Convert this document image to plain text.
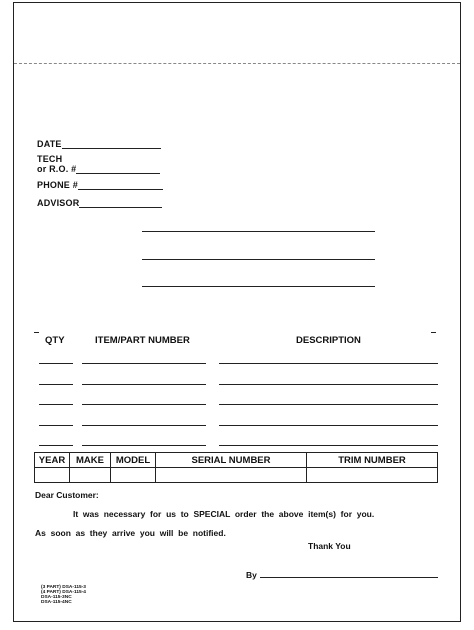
DATE
TECH
or R.O. #
PHONE #
ADVISOR
QTY	ITEM/PART NUMBER	DESCRIPTION
YEAR	MAKE	MODEL	SERIAL NUMBER	TRIM NUMBER

Dear Customer:
It  was  necessary  for  us  to  SPECIAL  order  the  above  item(s)  for  you.
As  soon  as  they  arrive  you  will  be  notified.
Thank You
By
(3 PART) DSA-115-3
(4 PART) DSA-115-4
DSA-115-3NC
DSA-115-4NC
